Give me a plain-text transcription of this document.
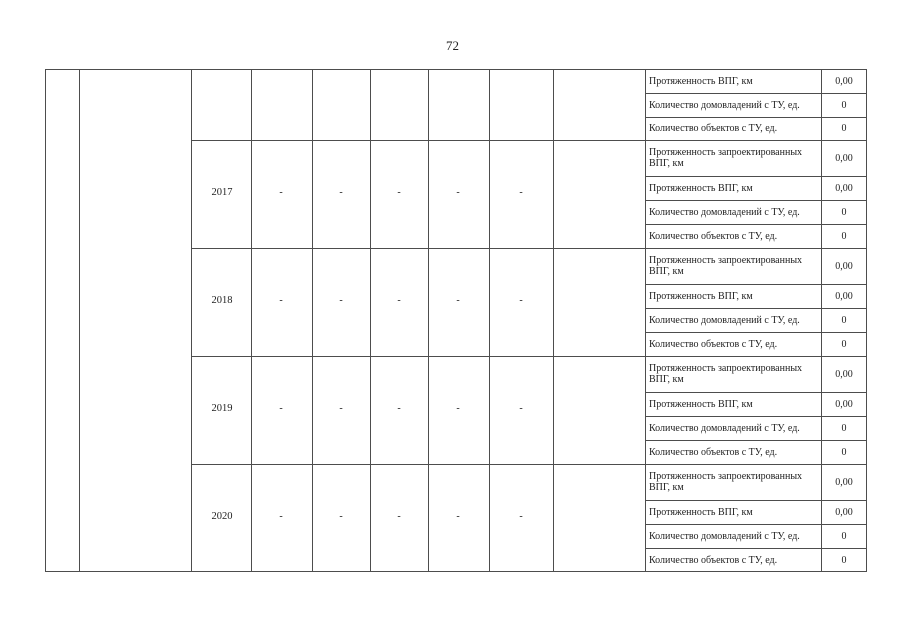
72
Протяженность ВПГ, км	0,00
Количество домовладений с ТУ, ед.	0
Количество объектов с ТУ, ед.	0
2017	-	-	-	-	-
Протяженность запроектированных ВПГ, км	0,00
Протяженность ВПГ, км	0,00
Количество домовладений с ТУ, ед.	0
Количество объектов с ТУ, ед.	0
2018	-	-	-	-	-
Протяженность запроектированных ВПГ, км	0,00
Протяженность ВПГ, км	0,00
Количество домовладений с ТУ, ед.	0
Количество объектов с ТУ, ед.	0
2019	-	-	-	-	-
Протяженность запроектированных ВПГ, км	0,00
Протяженность ВПГ, км	0,00
Количество домовладений с ТУ, ед.	0
Количество объектов с ТУ, ед.	0
2020	-	-	-	-	-
Протяженность запроектированных ВПГ, км	0,00
Протяженность ВПГ, км	0,00
Количество домовладений с ТУ, ед.	0
Количество объектов с ТУ, ед.	0
